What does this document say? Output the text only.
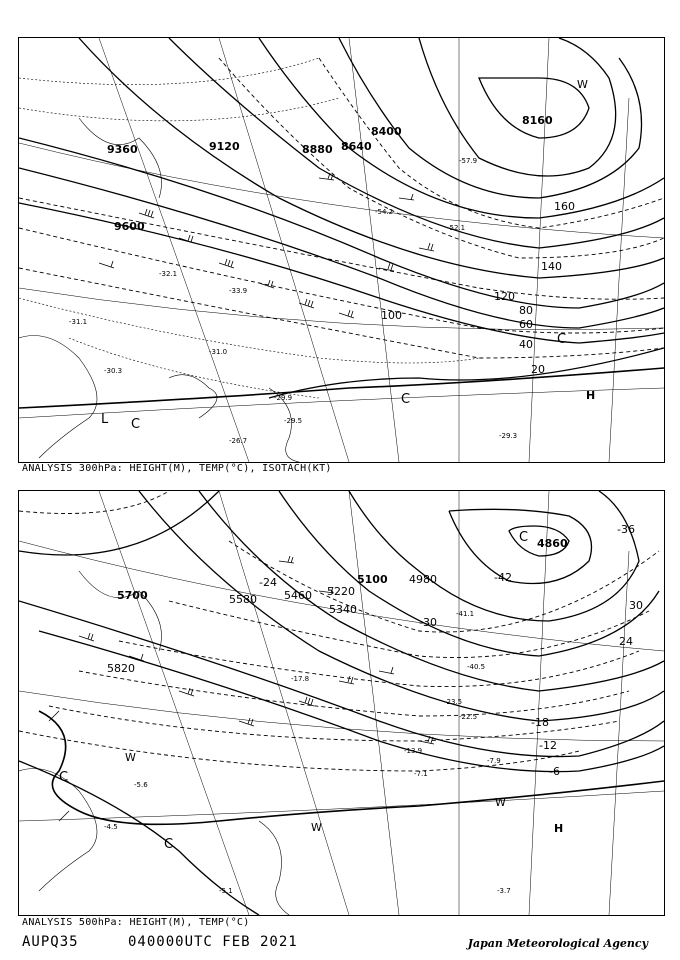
9360	9120
9600
8880 8640
8400
8160
20
40
60
80
100
120
140
160
-54.2
-52.1
-57.9
-31.0
-31.1
-32.1
-33.9
-29.3
-30.3
-26.7
-29.9
-29.5
L C
C
C
H
W
ANALYSIS 300hPa: HEIGHT(M), TEMP(°C), ISOTACH(KT)
5700	5580
5820
5460
5340
5220
5100 4980
4860
-6
-12
-18
-24
-30
-36
-42
24
30
-41.1
-40.5
-23.5
-22.5
-17.8
-13.9
-7.9
-7.1
-5.6
-4.5
-3.7
-5.1
C
C
C
W
W
W
H
ANALYSIS 500hPa: HEIGHT(M), TEMP(°C)
AUPQ35	040000UTC FEB 2021	Japan Meteorological Agency
